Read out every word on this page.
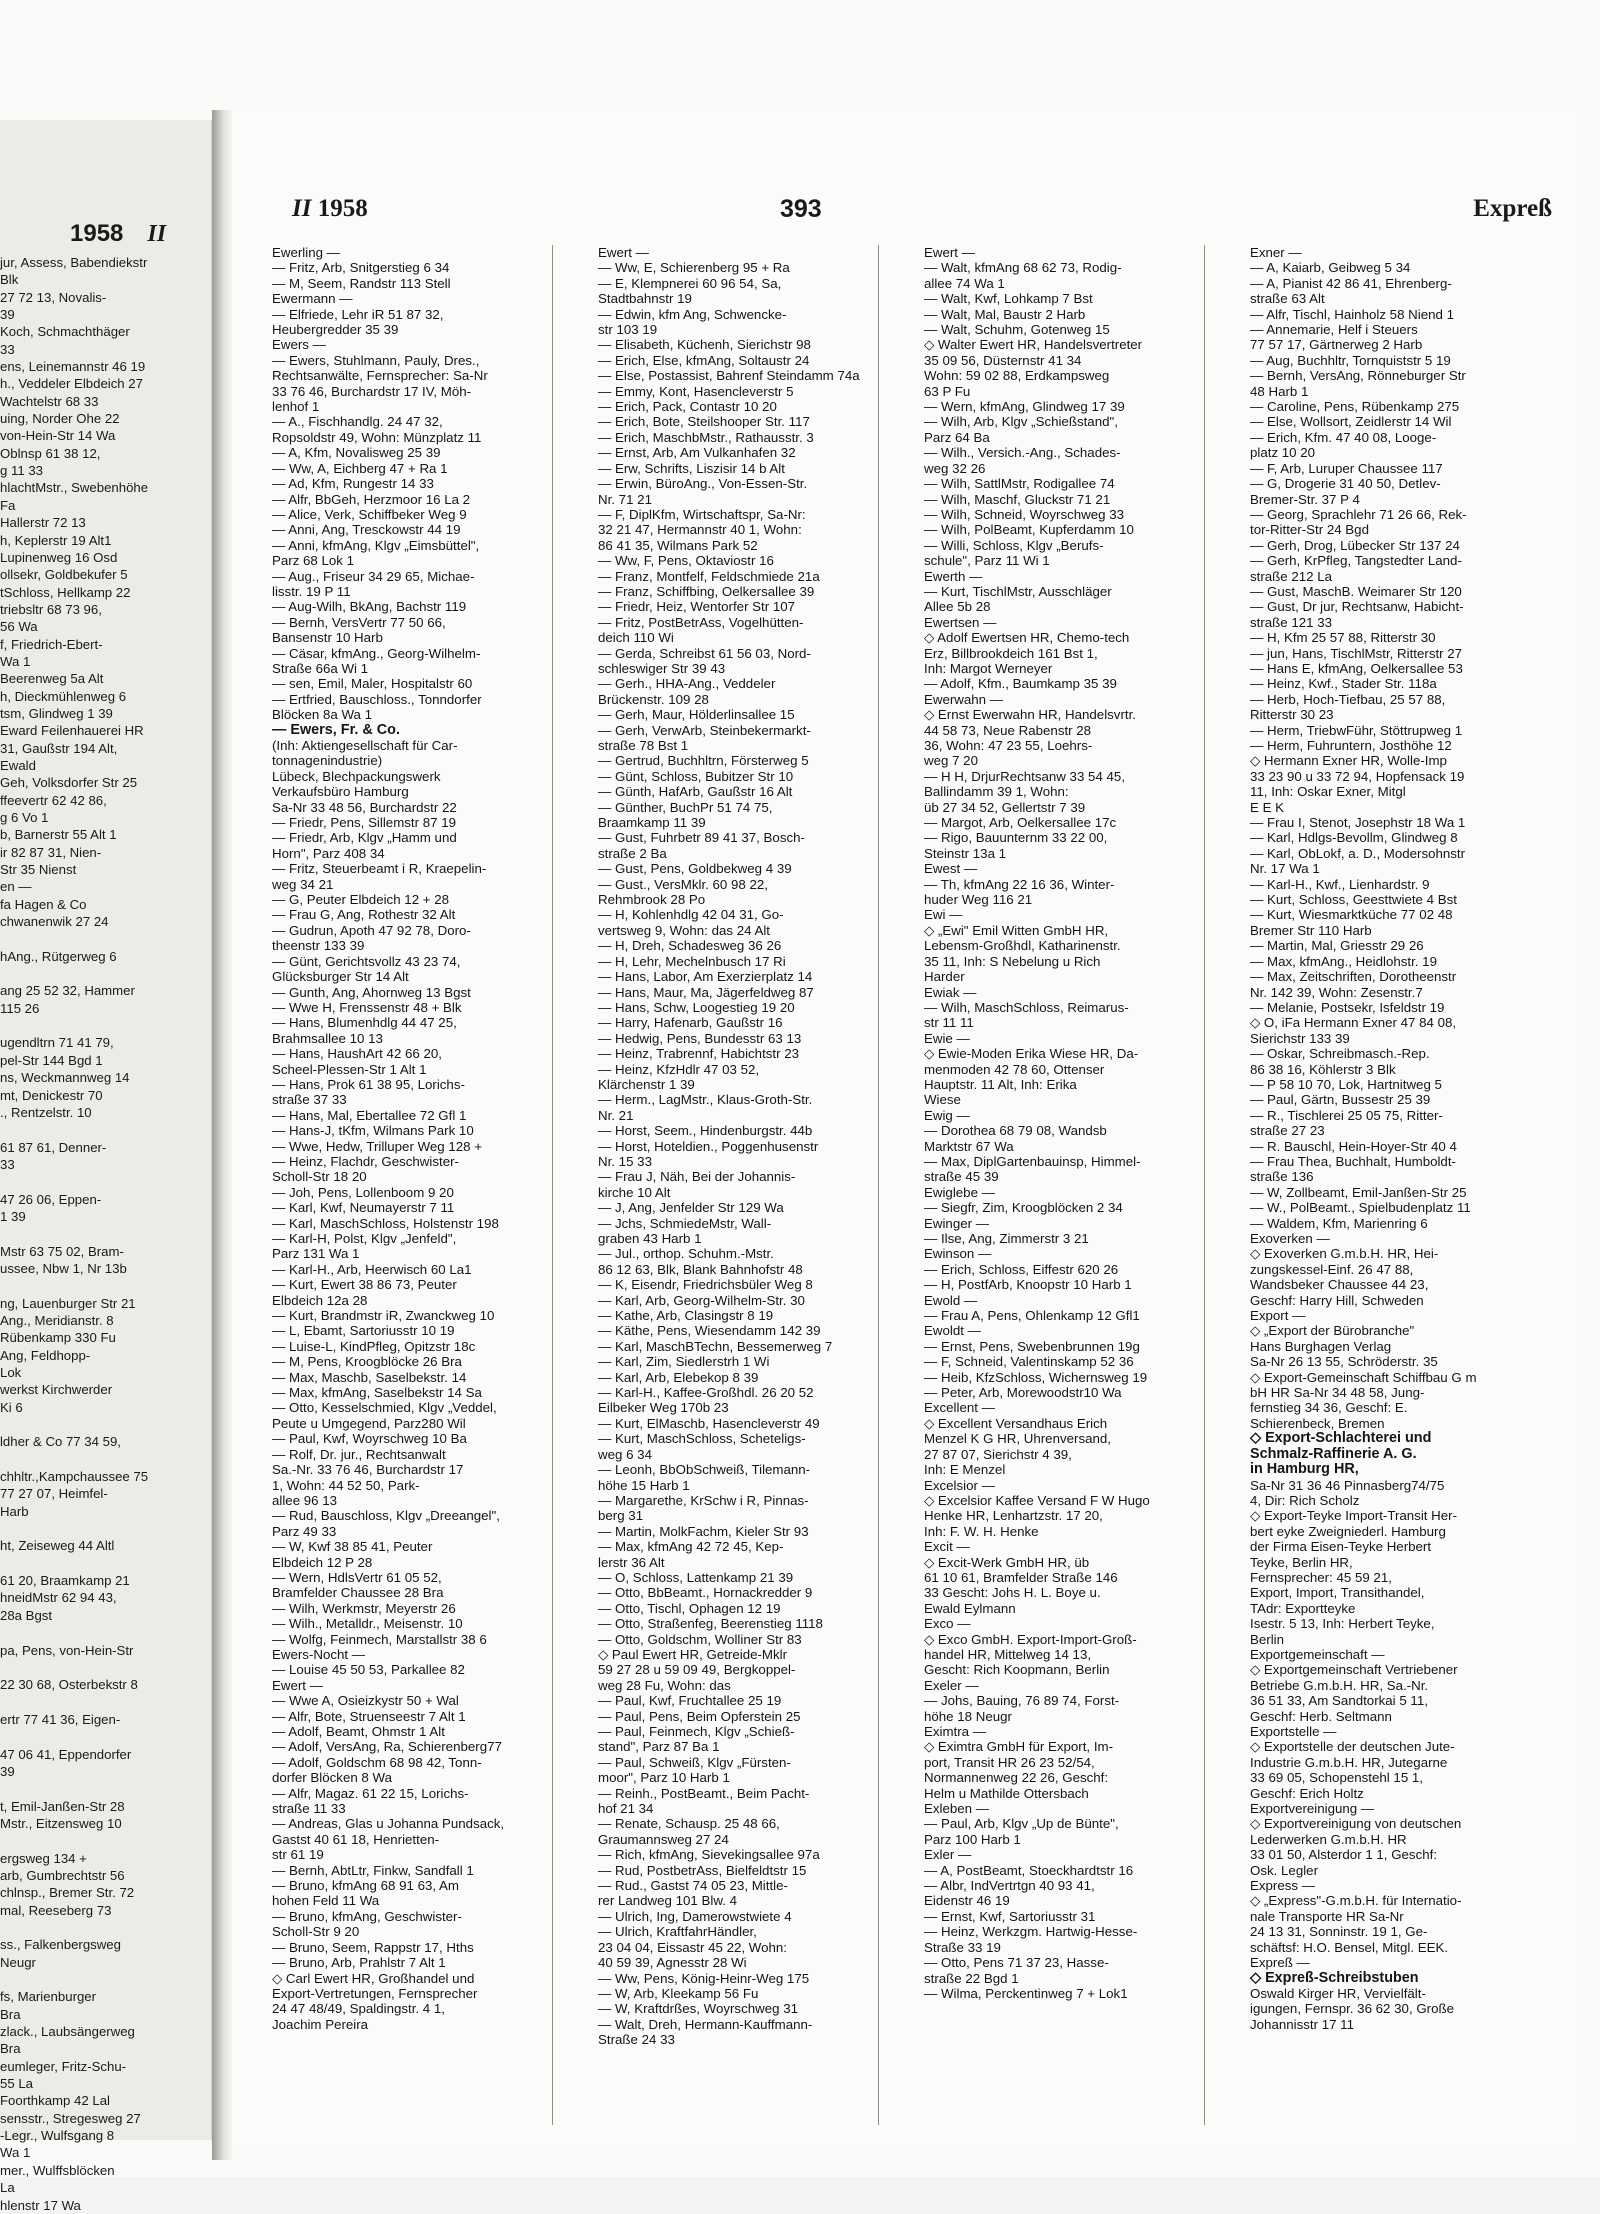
1958 II
jur, Assess, Babendiekstr
Blk
27 72 13, Novalis-
39
Koch, Schmachthäger
33
ens, Leinemannstr 46 19
h., Veddeler Elbdeich 27
Wachtelstr 68 33
uing, Norder Ohe 22
von-Hein-Str 14 Wa
Oblnsp 61 38 12,
g 11 33
hlachtMstr., Swebenhöhe
Fa
Hallerstr 72 13
h, Keplerstr 19 Alt1
Lupinenweg 16 Osd
ollsekr, Goldbekufer 5
tSchloss, Hellkamp 22
triebsltr 68 73 96,
56 Wa
f, Friedrich-Ebert-
Wa 1
Beerenweg 5a Alt
h, Dieckmühlenweg 6
tsm, Glindweg 1 39
Eward Feilenhauerei HR
31, Gaußstr 194 Alt,
Ewald
Geh, Volksdorfer Str 25
ffeevertr 62 42 86,
g 6 Vo 1
b, Barnerstr 55 Alt 1
ir 82 87 31, Nien-
Str 35 Nienst
en —
fa Hagen & Co
chwanenwik 27 24

hAng., Rütgerweg 6

ang 25 52 32, Hammer
115 26

ugendltrn 71 41 79,
pel-Str 144 Bgd 1
ns, Weckmannweg 14
mt, Denickestr 70
., Rentzelstr. 10

61 87 61, Denner-
33

47 26 06, Eppen-
1 39

Mstr 63 75 02, Bram-
ussee, Nbw 1, Nr 13b

ng, Lauenburger Str 21
Ang., Meridianstr. 8
Rübenkamp 330 Fu
Ang, Feldhopp-
Lok
werkst Kirchwerder
Ki 6

ldher & Co 77 34 59,

chhltr.,Kampchaussee 75
77 27 07, Heimfel-
Harb

ht, Zeiseweg 44 Altl

61 20, Braamkamp 21
hneidMstr 62 94 43,
28a Bgst

pa, Pens, von-Hein-Str

22 30 68, Osterbekstr 8

ertr 77 41 36, Eigen-

47 06 41, Eppendorfer
39

t, Emil-Janßen-Str 28
Mstr., Eitzensweg 10

ergsweg 134 +
arb, Gumbrechtstr 56
chlnsp., Bremer Str. 72
mal, Reeseberg 73

ss., Falkenbergsweg
Neugr

fs, Marienburger
Bra
zlack., Laubsängerweg
Bra
eumleger, Fritz-Schu-
55 La
Foorthkamp 42 Lal
sensstr., Stregesweg 27
-Legr., Wulfsgang 8
Wa 1
mer., Wulffsblöcken
La
hlenstr 17 Wa
II 1958	393	Expreß
Ewerling —
— Fritz, Arb, Snitgerstieg 6 34
— M, Seem, Randstr 113 Stell
Ewermann —
— Elfriede, Lehr iR 51 87 32,
Heubergredder 35 39
Ewers —
— Ewers, Stuhlmann, Pauly, Dres.,
Rechtsanwälte, Fernsprecher: Sa-Nr
33 76 46, Burchardstr 17 IV, Möh-
lenhof 1
— A., Fischhandlg. 24 47 32,
Ropsoldstr 49, Wohn: Münzplatz 11
— A, Kfm, Novalisweg 25 39
— Ww, A, Eichberg 47 + Ra 1
— Ad, Kfm, Rungestr 14 33
— Alfr, BbGeh, Herzmoor 16 La 2
— Alice, Verk, Schiffbeker Weg 9
— Anni, Ang, Tresckowstr 44 19
— Anni, kfmAng, Klgv „Eimsbüttel",
Parz 68 Lok 1
— Aug., Friseur 34 29 65, Michae-
lisstr. 19 P 11
— Aug-Wilh, BkAng, Bachstr 119
— Bernh, VersVertr 77 50 66,
Bansenstr 10 Harb
— Cäsar, kfmAng., Georg-Wilhelm-
Straße 66a Wi 1
— sen, Emil, Maler, Hospitalstr 60
— Ertfried, Bauschloss., Tonndorfer
Blöcken 8a Wa 1
— Ewers, Fr. & Co.
(Inh: Aktiengesellschaft für Car-
tonnagenindustrie)
Lübeck, Blechpackungswerk
Verkaufsbüro Hamburg
Sa-Nr 33 48 56, Burchardstr 22
— Friedr, Pens, Sillemstr 87 19
— Friedr, Arb, Klgv „Hamm und
Horn", Parz 408 34
— Fritz, Steuerbeamt i R, Kraepelin-
weg 34 21
— G, Peuter Elbdeich 12 + 28
— Frau G, Ang, Rothestr 32 Alt
— Gudrun, Apoth 47 92 78, Doro-
theenstr 133 39
— Günt, Gerichtsvollz 43 23 74,
Glücksburger Str 14 Alt
— Gunth, Ang, Ahornweg 13 Bgst
— Wwe H, Frenssenstr 48 + Blk
— Hans, Blumenhdlg 44 47 25,
Brahmsallee 10 13
— Hans, HaushArt 42 66 20,
Scheel-Plessen-Str 1 Alt 1
— Hans, Prok 61 38 95, Lorichs-
straße 37 33
— Hans, Mal, Ebertallee 72 Gfl 1
— Hans-J, tKfm, Wilmans Park 10
— Wwe, Hedw, Trilluper Weg 128 +
— Heinz, Flachdr, Geschwister-
Scholl-Str 18 20
— Joh, Pens, Lollenboom 9 20
— Karl, Kwf, Neumayerstr 7 11
— Karl, MaschSchloss, Holstenstr 198
— Karl-H, Polst, Klgv „Jenfeld",
Parz 131 Wa 1
— Karl-H., Arb, Heerwisch 60 La1
— Kurt, Ewert 38 86 73, Peuter
Elbdeich 12a 28
— Kurt, Brandmstr iR, Zwanckweg 10
— L, Ebamt, Sartoriusstr 10 19
— Luise-L, KindPfleg, Opitzstr 18c
— M, Pens, Kroogblöcke 26 Bra
— Max, Maschb, Saselbekstr. 14
— Max, kfmAng, Saselbekstr 14 Sa
— Otto, Kesselschmied, Klgv „Veddel,
Peute u Umgegend, Parz280 Wil
— Paul, Kwf, Woyrschweg 10 Ba
— Rolf, Dr. jur., Rechtsanwalt
Sa.-Nr. 33 76 46, Burchardstr 17
1, Wohn: 44 52 50, Park-
allee 96 13
— Rud, Bauschloss, Klgv „Dreeangel",
Parz 49 33
— W, Kwf 38 85 41, Peuter
Elbdeich 12 P 28
— Wern, HdlsVertr 61 05 52,
Bramfelder Chaussee 28 Bra
— Wilh, Werkmstr, Meyerstr 26
— Wilh., Metalldr., Meisenstr. 10
— Wolfg, Feinmech, Marstallstr 38 6
Ewers-Nocht —
— Louise 45 50 53, Parkallee 82
Ewert —
— Wwe A, Osieizkystr 50 + Wal
— Alfr, Bote, Struenseestr 7 Alt 1
— Adolf, Beamt, Ohmstr 1 Alt
— Adolf, VersAng, Ra, Schierenberg77
— Adolf, Goldschm 68 98 42, Tonn-
dorfer Blöcken 8 Wa
— Alfr, Magaz. 61 22 15, Lorichs-
straße 11 33
— Andreas, Glas u Johanna Pundsack,
Gastst 40 61 18, Henrietten-
str 61 19
— Bernh, AbtLtr, Finkw, Sandfall 1
— Bruno, kfmAng 68 91 63, Am
hohen Feld 11 Wa
— Bruno, kfmAng, Geschwister-
Scholl-Str 9 20
— Bruno, Seem, Rappstr 17, Hths
— Bruno, Arb, Prahlstr 7 Alt 1
◇ Carl Ewert HR, Großhandel und
Export-Vertretungen, Fernsprecher
24 47 48/49, Spaldingstr. 4 1,
Joachim Pereira
Ewert —
— Ww, E, Schierenberg 95 + Ra
— E, Klempnerei 60 96 54, Sa,
Stadtbahnstr 19
— Edwin, kfm Ang, Schwencke-
str 103 19
— Elisabeth, Küchenh, Sierichstr 98
— Erich, Else, kfmAng, Soltaustr 24
— Else, Postassist, Bahrenf Steindamm 74a
— Emmy, Kont, Hasencleverstr 5
— Erich, Pack, Contastr 10 20
— Erich, Bote, Steilshooper Str. 117
— Erich, MaschbMstr., Rathausstr. 3
— Ernst, Arb, Am Vulkanhafen 32
— Erw, Schrifts, Liszisir 14 b Alt
— Erwin, BüroAng., Von-Essen-Str.
Nr. 71 21
— F, DiplKfm, Wirtschaftspr, Sa-Nr:
32 21 47, Hermannstr 40 1, Wohn:
86 41 35, Wilmans Park 52
— Ww, F, Pens, Oktaviostr 16
— Franz, Montfelf, Feldschmiede 21a
— Franz, Schiffbing, Oelkersallee 39
— Friedr, Heiz, Wentorfer Str 107
— Fritz, PostBetrAss, Vogelhütten-
deich 110 Wi
— Gerda, Schreibst 61 56 03, Nord-
schleswiger Str 39 43
— Gerh., HHA-Ang., Veddeler
Brückenstr. 109 28
— Gerh, Maur, Hölderlinsallee 15
— Gerh, VerwArb, Steinbekermarkt-
straße 78 Bst 1
— Gertrud, Buchhltrn, Försterweg 5
— Günt, Schloss, Bubitzer Str 10
— Günth, HafArb, Gaußstr 16 Alt
— Günther, BuchPr 51 74 75,
Braamkamp 11 39
— Gust, Fuhrbetr 89 41 37, Bosch-
straße 2 Ba
— Gust, Pens, Goldbekweg 4 39
— Gust., VersMklr. 60 98 22,
Rehmbrook 28 Po
— H, Kohlenhdlg 42 04 31, Go-
vertsweg 9, Wohn: das 24 Alt
— H, Dreh, Schadesweg 36 26
— H, Lehr, Mechelnbusch 17 Ri
— Hans, Labor, Am Exerzierplatz 14
— Hans, Maur, Ma, Jägerfeldweg 87
— Hans, Schw, Loogestieg 19 20
— Harry, Hafenarb, Gaußstr 16
— Hedwig, Pens, Bundesstr 63 13
— Heinz, Trabrennf, Habichtstr 23
— Heinz, KfzHdlr 47 03 52,
Klärchenstr 1 39
— Herm., LagMstr., Klaus-Groth-Str.
Nr. 21
— Horst, Seem., Hindenburgstr. 44b
— Horst, Hoteldien., Poggenhusenstr
Nr. 15 33
— Frau J, Näh, Bei der Johannis-
kirche 10 Alt
— J, Ang, Jenfelder Str 129 Wa
— Jchs, SchmiedeMstr, Wall-
graben 43 Harb 1
— Jul., orthop. Schuhm.-Mstr.
86 12 63, Blk, Blank Bahnhofstr 48
— K, Eisendr, Friedrichsbüler Weg 8
— Karl, Arb, Georg-Wilhelm-Str. 30
— Kathe, Arb, Clasingstr 8 19
— Käthe, Pens, Wiesendamm 142 39
— Karl, MaschBTechn, Bessemerweg 7
— Karl, Zim, Siedlerstrh 1 Wi
— Karl, Arb, Elebekop 8 39
— Karl-H., Kaffee-Großhdl. 26 20 52
Eilbeker Weg 170b 23
— Kurt, ElMaschb, Hasencleverstr 49
— Kurt, MaschSchloss, Scheteligs-
weg 6 34
— Leonh, BbObSchweiß, Tilemann-
höhe 15 Harb 1
— Margarethe, KrSchw i R, Pinnas-
berg 31
— Martin, MolkFachm, Kieler Str 93
— Max, kfmAng 42 72 45, Kep-
lerstr 36 Alt
— O, Schloss, Lattenkamp 21 39
— Otto, BbBeamt., Hornackredder 9
— Otto, Tischl, Ophagen 12 19
— Otto, Straßenfeg, Beerenstieg 1118
— Otto, Goldschm, Wolliner Str 83
◇ Paul Ewert HR, Getreide-Mklr
59 27 28 u 59 09 49, Bergkoppel-
weg 28 Fu, Wohn: das
— Paul, Kwf, Fruchtallee 25 19
— Paul, Pens, Beim Opferstein 25
— Paul, Feinmech, Klgv „Schieß-
stand", Parz 87 Ba 1
— Paul, Schweiß, Klgv „Fürsten-
moor", Parz 10 Harb 1
— Reinh., PostBeamt., Beim Pacht-
hof 21 34
— Renate, Schausp. 25 48 66,
Graumannsweg 27 24
— Rich, kfmAng, Sievekingsallee 97a
— Rud, PostbetrAss, Bielfeldtstr 15
— Rud., Gastst 74 05 23, Mittle-
rer Landweg 101 Blw. 4
— Ulrich, Ing, Damerowstwiete 4
— Ulrich, KraftfahrHändler,
23 04 04, Eissastr 45 22, Wohn:
40 59 39, Agnesstr 28 Wi
— Ww, Pens, König-Heinr-Weg 175
— W, Arb, Kleekamp 56 Fu
— W, Kraftdrßes, Woyrschweg 31
— Walt, Dreh, Hermann-Kauffmann-
Straße 24 33
Ewert —
— Walt, kfmAng 68 62 73, Rodig-
allee 74 Wa 1
— Walt, Kwf, Lohkamp 7 Bst
— Walt, Mal, Baustr 2 Harb
— Walt, Schuhm, Gotenweg 15
◇ Walter Ewert HR, Handelsvertreter
35 09 56, Düsternstr 41 34
Wohn: 59 02 88, Erdkampsweg
63 P Fu
— Wern, kfmAng, Glindweg 17 39
— Wilh, Arb, Klgv „Schießstand",
Parz 64 Ba
— Wilh., Versich.-Ang., Schades-
weg 32 26
— Wilh, SattlMstr, Rodigallee 74
— Wilh, Maschf, Gluckstr 71 21
— Wilh, Schneid, Woyrschweg 33
— Wilh, PolBeamt, Kupferdamm 10
— Willi, Schloss, Klgv „Berufs-
schule", Parz 11 Wi 1
Ewerth —
— Kurt, TischlMstr, Ausschläger
Allee 5b 28
Ewertsen —
◇ Adolf Ewertsen HR, Chemo-tech
Erz, Billbrookdeich 161 Bst 1,
Inh: Margot Werneyer
— Adolf, Kfm., Baumkamp 35 39
Ewerwahn —
◇ Ernst Ewerwahn HR, Handelsvrtr.
44 58 73, Neue Rabenstr 28
36, Wohn: 47 23 55, Loehrs-
weg 7 20
— H H, DrjurRechtsanw 33 54 45,
Ballindamm 39 1, Wohn:
üb 27 34 52, Gellertstr 7 39
— Margot, Arb, Oelkersallee 17c
— Rigo, Bauunternm 33 22 00,
Steinstr 13a 1
Ewest —
— Th, kfmAng 22 16 36, Winter-
huder Weg 116 21
Ewi —
◇ „Ewi" Emil Witten GmbH HR,
Lebensm-Großhdl, Katharinenstr.
35 11, Inh: S Nebelung u Rich
Harder
Ewiak —
— Wilh, MaschSchloss, Reimarus-
str 11 11
Ewie —
◇ Ewie-Moden Erika Wiese HR, Da-
menmoden 42 78 60, Ottenser
Hauptstr. 11 Alt, Inh: Erika
Wiese
Ewig —
— Dorothea 68 79 08, Wandsb
Marktstr 67 Wa
— Max, DiplGartenbauinsp, Himmel-
straße 45 39
Ewiglebe —
— Siegfr, Zim, Kroogblöcken 2 34
Ewinger —
— Ilse, Ang, Zimmerstr 3 21
Ewinson —
— Erich, Schloss, Eiffestr 620 26
— H, PostfArb, Knoopstr 10 Harb 1
Ewold —
— Frau A, Pens, Ohlenkamp 12 Gfl1
Ewoldt —
— Ernst, Pens, Swebenbrunnen 19g
— F, Schneid, Valentinskamp 52 36
— Heib, KfzSchloss, Wichernsweg 19
— Peter, Arb, Morewoodstr10 Wa
Excellent —
◇ Excellent Versandhaus Erich
Menzel K G HR, Uhrenversand,
27 87 07, Sierichstr 4 39,
Inh: E Menzel
Excelsior —
◇ Excelsior Kaffee Versand F W Hugo
Henke HR, Lenhartzstr. 17 20,
Inh: F. W. H. Henke
Excit —
◇ Excit-Werk GmbH HR, üb
61 10 61, Bramfelder Straße 146
33 Gescht: Johs H. L. Boye u.
Ewald Eylmann
Exco —
◇ Exco GmbH. Export-Import-Groß-
handel HR, Mittelweg 14 13,
Gescht: Rich Koopmann, Berlin
Exeler —
— Johs, Bauing, 76 89 74, Forst-
höhe 18 Neugr
Eximtra —
◇ Eximtra GmbH für Export, Im-
port, Transit HR 26 23 52/54,
Normannenweg 22 26, Geschf:
Helm u Mathilde Ottersbach
Exleben —
— Paul, Arb, Klgv „Up de Bünte",
Parz 100 Harb 1
Exler —
— A, PostBeamt, Stoeckhardtstr 16
— Albr, IndVertrtgn 40 93 41,
Eidenstr 46 19
— Ernst, Kwf, Sartoriusstr 31
— Heinz, Werkzgm. Hartwig-Hesse-
Straße 33 19
— Otto, Pens 71 37 23, Hasse-
straße 22 Bgd 1
— Wilma, Perckentinweg 7 + Lok1
Exner —
— A, Kaiarb, Geibweg 5 34
— A, Pianist 42 86 41, Ehrenberg-
straße 63 Alt
— Alfr, Tischl, Hainholz 58 Niend 1
— Annemarie, Helf i Steuers
77 57 17, Gärtnerweg 2 Harb
— Aug, Buchhltr, Tornquiststr 5 19
— Bernh, VersAng, Rönneburger Str
48 Harb 1
— Caroline, Pens, Rübenkamp 275
— Else, Wollsort, Zeidlerstr 14 Wil
— Erich, Kfm. 47 40 08, Looge-
platz 10 20
— F, Arb, Luruper Chaussee 117
— G, Drogerie 31 40 50, Detlev-
Bremer-Str. 37 P 4
— Georg, Sprachlehr 71 26 66, Rek-
tor-Ritter-Str 24 Bgd
— Gerh, Drog, Lübecker Str 137 24
— Gerh, KrPfleg, Tangstedter Land-
straße 212 La
— Gust, MaschB. Weimarer Str 120
— Gust, Dr jur, Rechtsanw, Habicht-
straße 121 33
— H, Kfm 25 57 88, Ritterstr 30
— jun, Hans, TischlMstr, Ritterstr 27
— Hans E, kfmAng, Oelkersallee 53
— Heinz, Kwf., Stader Str. 118a
— Herb, Hoch-Tiefbau, 25 57 88,
Ritterstr 30 23
— Herm, TriebwFühr, Stöttrupweg 1
— Herm, Fuhruntern, Josthöhe 12
◇ Hermann Exner HR, Wolle-Imp
33 23 90 u 33 72 94, Hopfensack 19
11, Inh: Oskar Exner, Mitgl
E E K
— Frau I, Stenot, Josephstr 18 Wa 1
— Karl, Hdlgs-Bevollm, Glindweg 8
— Karl, ObLokf, a. D., Modersohnstr
Nr. 17 Wa 1
— Karl-H., Kwf., Lienhardstr. 9
— Kurt, Schloss, Geesttwiete 4 Bst
— Kurt, Wiesmarktküche 77 02 48
Bremer Str 110 Harb
— Martin, Mal, Griesstr 29 26
— Max, kfmAng., Heidlohstr. 19
— Max, Zeitschriften, Dorotheenstr
Nr. 142 39, Wohn: Zesenstr.7
— Melanie, Postsekr, Isfeldstr 19
◇ O, iFa Hermann Exner 47 84 08,
Sierichstr 133 39
— Oskar, Schreibmasch.-Rep.
86 38 16, Köhlerstr 3 Blk
— P 58 10 70, Lok, Hartnitweg 5
— Paul, Gärtn, Bussestr 25 39
— R., Tischlerei 25 05 75, Ritter-
straße 27 23
— R. Bauschl, Hein-Hoyer-Str 40 4
— Frau Thea, Buchhalt, Humboldt-
straße 136
— W, Zollbeamt, Emil-Janßen-Str 25
— W., PolBeamt., Spielbudenplatz 11
— Waldem, Kfm, Marienring 6
Exoverken —
◇ Exoverken G.m.b.H. HR, Hei-
zungskessel-Einf. 26 47 88,
Wandsbeker Chaussee 44 23,
Geschf: Harry Hill, Schweden
Export —
◇ „Export der Bürobranche"
Hans Burghagen Verlag
Sa-Nr 26 13 55, Schröderstr. 35
◇ Export-Gemeinschaft Schiffbau G m
bH HR Sa-Nr 34 48 58, Jung-
fernstieg 34 36, Geschf: E.
Schierenbeck, Bremen
◇ Export-Schlachterei und
Schmalz-Raffinerie A. G.
in Hamburg HR,
Sa-Nr 31 36 46 Pinnasberg74/75
4, Dir: Rich Scholz
◇ Export-Teyke Import-Transit Her-
bert eyke Zweigniederl. Hamburg
der Firma Eisen-Teyke Herbert
Teyke, Berlin HR,
Fernsprecher: 45 59 21,
Export, Import, Transithandel,
TAdr: Exportteyke
Isestr. 5 13, Inh: Herbert Teyke,
Berlin
Exportgemeinschaft —
◇ Exportgemeinschaft Vertriebener
Betriebe G.m.b.H. HR, Sa.-Nr.
36 51 33, Am Sandtorkai 5 11,
Geschf: Herb. Seltmann
Exportstelle —
◇ Exportstelle der deutschen Jute-
Industrie G.m.b.H. HR, Jutegarne
33 69 05, Schopenstehl 15 1,
Geschf: Erich Holtz
Exportvereinigung —
◇ Exportvereinigung von deutschen
Lederwerken G.m.b.H. HR
33 01 50, Alsterdor 1 1, Geschf:
Osk. Legler
Express —
◇ „Express"-G.m.b.H. für Internatio-
nale Transporte HR Sa-Nr
24 13 31, Sonninstr. 19 1, Ge-
schäftsf: H.O. Bensel, Mitgl. EEK.
Expreß —
◇ Expreß-Schreibstuben
Oswald Kirger HR, Vervielfält-
igungen, Fernspr. 36 62 30, Große
Johannisstr 17 11
